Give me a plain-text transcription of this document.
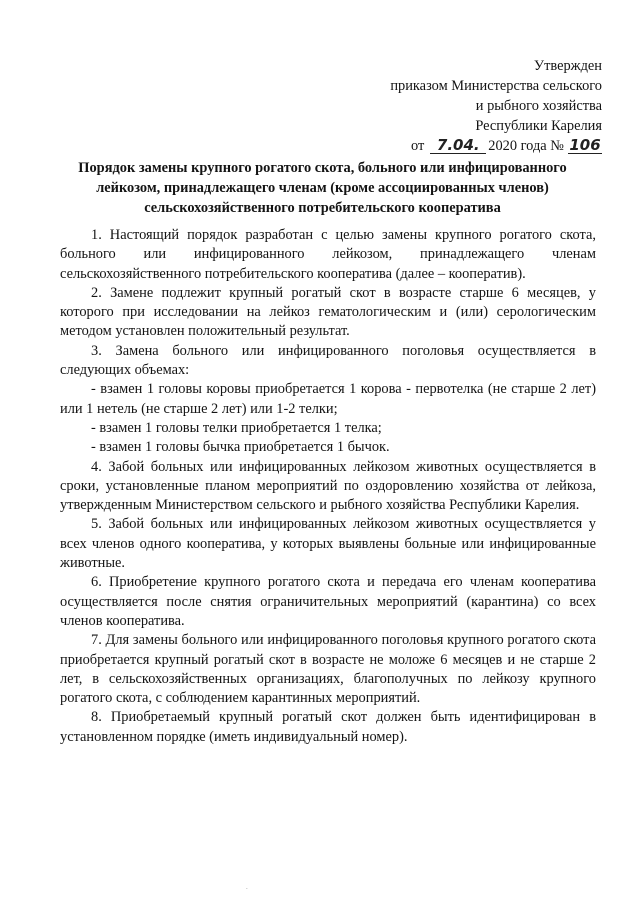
Утвержден
приказом Министерства сельского
и рыбного хозяйства
Республики Карелия
от 7.04. 2020 года № 106
Порядок замены крупного рогатого скота, больного или инфицированного лейкозом, принадлежащего членам (кроме ассоциированных членов) сельскохозяйственного потребительского кооператива

1. Настоящий порядок разработан с целью замены крупного рогатого скота, больного или инфицированного лейкозом, принадлежащего членам сельскохозяйственного потребительского кооператива (далее – кооператив).

2. Замене подлежит крупный рогатый скот в возрасте старше 6 месяцев, у которого при исследовании на лейкоз гематологическим и (или) серологическим методом установлен положительный результат.

3. Замена больного или инфицированного поголовья осуществляется в следующих объемах:

- взамен 1 головы коровы приобретается 1 корова - первотелка (не старше 2 лет) или 1 нетель (не старше 2 лет) или 1-2 телки;

- взамен 1 головы телки приобретается 1 телка;

- взамен 1 головы бычка приобретается 1 бычок.

4. Забой больных или инфицированных лейкозом животных осуществляется в сроки, установленные планом мероприятий по оздоровлению хозяйства от лейкоза, утвержденным Министерством сельского и рыбного хозяйства Республики Карелия.

5. Забой больных или инфицированных лейкозом животных осуществляется у всех членов одного кооператива, у которых выявлены больные или инфицированные животные.

6. Приобретение крупного рогатого скота и передача его членам кооператива осуществляется после снятия ограничительных мероприятий (карантина) со всех членов кооператива.

7. Для замены больного или инфицированного поголовья крупного рогатого скота приобретается крупный рогатый скот в возрасте не моложе 6 месяцев и не старше 2 лет, в сельскохозяйственных организациях, благополучных по лейкозу крупного рогатого скота, с соблюдением карантинных мероприятий.

8. Приобретаемый крупный рогатый скот должен быть идентифицирован в установленном порядке (иметь индивидуальный номер).

.
